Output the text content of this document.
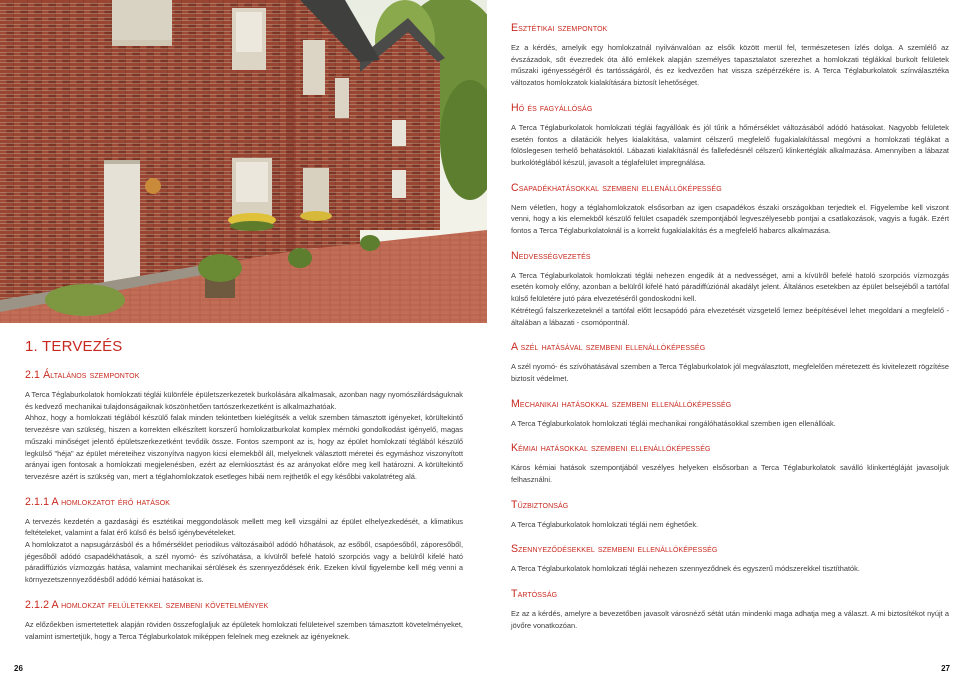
1. TERVEZÉS
2.1 Általános szempontok

A Terca Téglaburkolatok homlokzati téglái különféle épületszerkezetek burkolására alkalmasak, azonban nagy nyomószilárdságuknak és kedvező mechanikai tulajdonságaiknak köszönhetően tartószerkezetként is alkalmazhatóak.

Ahhoz, hogy a homlokzati téglából készülő falak minden tekintetben kielégítsék a velük szemben támasztott igényeket, körültekintő tervezésre van szükség, hiszen a korrekten elkészített korszerű homlokzatburkolat komplex mérnöki gondolkodást igényelő, magas műszaki minőséget jelentő épületszerkezetként tevődik össze. Fontos szempont az is, hogy az épület homlokzati téglából készülő legkülső "héja" az épület méreteihez viszonyítva nagyon kicsi elemekből áll, melyeknek választott méretei és egymáshoz viszonyított arányai igen fontosak a homlokzati megjelenésben, ezért az elemkiosztást és az arányokat előre meg kell határozni. A körültekintő tervezésre azért is szükség van, mert a téglahomlokzatok esetleges hibái nem rejthetők el egy későbbi vakolatréteg alá.

2.1.1 A homlokzatot érő hatások

A tervezés kezdetén a gazdasági és esztétikai meggondolások mellett meg kell vizsgálni az épület elhelyezkedését, a klimatikus feltételeket, valamint a falat érő külső és belső igénybevételeket.

A homlokzatot a napsugárzásból és a hőmérséklet periodikus változásaiból adódó hőhatások, az esőből, csapóesőből, záporesőből, jégesőből adódó csapadékhatások, a szél nyomó- és szívóhatása, a kívülről befelé hatoló szorpciós vagy a belülről kifelé ható páradiffúziós vízmozgás hatása, valamint mechanikai sérülések és szennyeződések érik. Ezeken kívül figyelembe kell még venni a környezetszennyeződésből adódó kémiai hatásokat is.

2.1.2 A homlokzat felületekkel szembeni követelmények

Az előzőekben ismertetettek alapján röviden összefoglaljuk az épületek homlokzati felületeivel szemben támasztott követelményeket, valamint ismertetjük, hogy a Terca Téglaburkolatok miképpen felelnek meg ezeknek az igényeknek.

Esztétikai szempontok

Ez a kérdés, amelyik egy homlokzatnál nyilvánvalóan az elsők között merül fel, természetesen ízlés dolga. A szemlélő az évszázadok, sőt évezredek óta álló emlékek alapján személyes tapasztalatot szerezhet a homlokzati téglákkal burkolt felületek műszaki igényességéről és tartósságáról, és ez kedvezően hat vissza szépérzékére is. A Terca Téglaburkolatok színválasztéka változatos homlokzatok kialakítására biztosít lehetőséget.

Hő és fagyállóság

A Terca Téglaburkolatok homlokzati téglái fagyállóak és jól tűrik a hőmérséklet változásából adódó hatásokat. Nagyobb felületek esetén fontos a dilatációk helyes kialakítása, valamint célszerű megfelelő fugakialakítással megóvni a homlokzati téglákat a fölöslegesen terhelő behatásoktól. Lábazati kialakításnál és fallefedésnél célszerű klinkertéglák alkalmazása. Amennyiben a lábazat burkolótéglából készül, javasolt a téglafelület impregnálása.

Csapadékhatásokkal szembeni ellenállóképesség

Nem véletlen, hogy a téglahomlokzatok elsősorban az igen csapadékos északi országokban terjedtek el. Figyelembe kell viszont venni, hogy a kis elemekből készülő felület csapadék szempontjából legveszélyesebb pontjai a csatlakozások, vagyis a fugák. Ezért fontos a Terca Téglaburkolatoknál is a korrekt fugakialakítás és a megfelelő habarcs alkalmazása.

Nedvességvezetés

A Terca Téglaburkolatok homlokzati téglái nehezen engedik át a nedvességet, ami a kívülről befelé hatoló szorpciós vízmozgás esetén komoly előny, azonban a belülről kifelé ható páradiffúziónál akadályt jelent. Általános esetekben az épület belsejéből a tartófal külső felületére jutó pára elvezetéséről gondoskodni kell.

Kétrétegű falszerkezeteknél a tartófal előtt lecsapódó pára elvezetését vizsgetelő lemez beépítésével lehet megoldani a megfelelő - általában a lábazati - csomópontnál.

A szél hatásával szembeni ellenállóképesség

A szél nyomó- és szívóhatásával szemben a Terca Téglaburkolatok jól megválasztott, megfelelően méretezett és kivitelezett rögzítése biztosít védelmet.

Mechanikai hatásokkal szembeni ellenállóképesség

A Terca Téglaburkolatok homlokzati téglái mechanikai rongálóhatásokkal szemben igen ellenállóak.

Kémiai hatásokkal szembeni ellenállóképesség

Káros kémiai hatások szempontjából veszélyes helyeken elsősorban a Terca Téglaburkolatok saválló klinkertégláját javasoljuk felhasználni.

Tűzbiztonság

A Terca Téglaburkolatok homlokzati téglái nem éghetőek.

Szennyeződésekkel szembeni ellenállóképesség

A Terca Téglaburkolatok homlokzati téglái nehezen szennyeződnek és egyszerű módszerekkel tisztíthatók.

Tartósság

Ez az a kérdés, amelyre a bevezetőben javasolt városnéző sétát után mindenki maga adhatja meg a választ. A mi biztosítékot nyújt a jövőre vonatkozóan.

26	27
